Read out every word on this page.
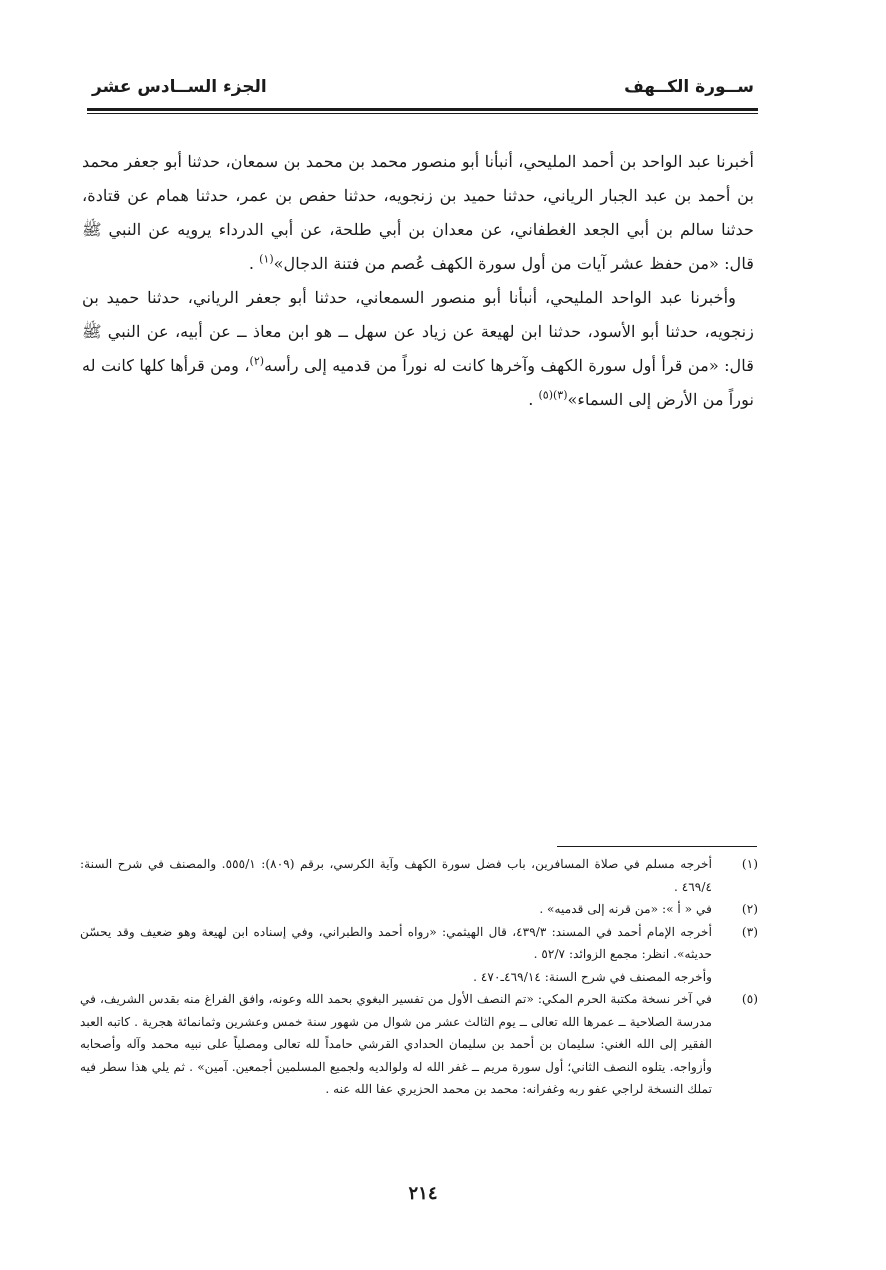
ســورة الكــهف
الجزء الســادس عشر

أخبرنا عبد الواحد بن أحمد المليحي، أنبأنا أبو منصور محمد بن محمد بن سمعان، حدثنا أبو جعفر محمد بن أحمد بن عبد الجبار الرياني، حدثنا حميد بن زنجويه، حدثنا حفص بن عمر، حدثنا همام عن قتادة، حدثنا سالم بن أبي الجعد الغطفاني، عن معدان بن أبي طلحة، عن أبي الدرداء يرويه عن النبي ﷺ قال: «من حفظ عشر آيات من أول سورة الكهف عُصم من فتنة الدجال»$^{(١)}$ .

وأخبرنا عبد الواحد المليحي، أنبأنا أبو منصور السمعاني، حدثنا أبو جعفر الرياني، حدثنا حميد بن زنجويه، حدثنا أبو الأسود، حدثنا ابن لهيعة عن زياد عن سهل ــ هو ابن معاذ ــ عن أبيه، عن النبي ﷺ قال: «من قرأ أول سورة الكهف وآخرها كانت له نوراً من قدميه إلى رأسه$^{(٢)}$، ومن قرأها كلها كانت له نوراً من الأرض إلى السماء»$^{(٣)(٥)}$ .

(١)
أخرجه مسلم في صلاة المسافرين، باب فضل سورة الكهف وآية الكرسي، برقم (٨٠٩): ٥٥٥/١. والمصنف في شرح السنة: ٤٦٩/٤ .
(٢)
في « أ »: «من قرنه إلى قدميه» .
(٣)
أخرجه الإمام أحمد في المسند: ٤٣٩/٣، قال الهيثمي: «رواه أحمد والطبراني، وفي إسناده ابن لهيعة وهو ضعيف وقد يحسّن حديثه». انظر: مجمع الزوائد: ٥٢/٧ .
وأخرجه المصنف في شرح السنة: ٤٦٩/١٤ـ٤٧٠ .
(٥)
في آخر نسخة مكتبة الحرم المكي: «تم النصف الأول من تفسير البغوي بحمد الله وعونه، وافق الفراغ منه بقدس الشريف، في مدرسة الصلاحية ــ عمرها الله تعالى ــ يوم الثالث عشر من شوال من شهور سنة خمس وعشرين وثمانمائة هجرية . كاتبه العبد الفقير إلى الله الغني: سليمان بن أحمد بن سليمان الحدادي القرشي حامداً لله تعالى ومصلياً على نبيه محمد وآله وأصحابه وأزواجه. يتلوه النصف الثاني؛ أول سورة مريم ــ غفر الله له ولوالديه ولجميع المسلمين أجمعين. آمين» . ثم يلي هذا سطر فيه تملك النسخة لراجي عفو ربه وغفرانه: محمد بن محمد الحزيري عفا الله عنه .
٢١٤
